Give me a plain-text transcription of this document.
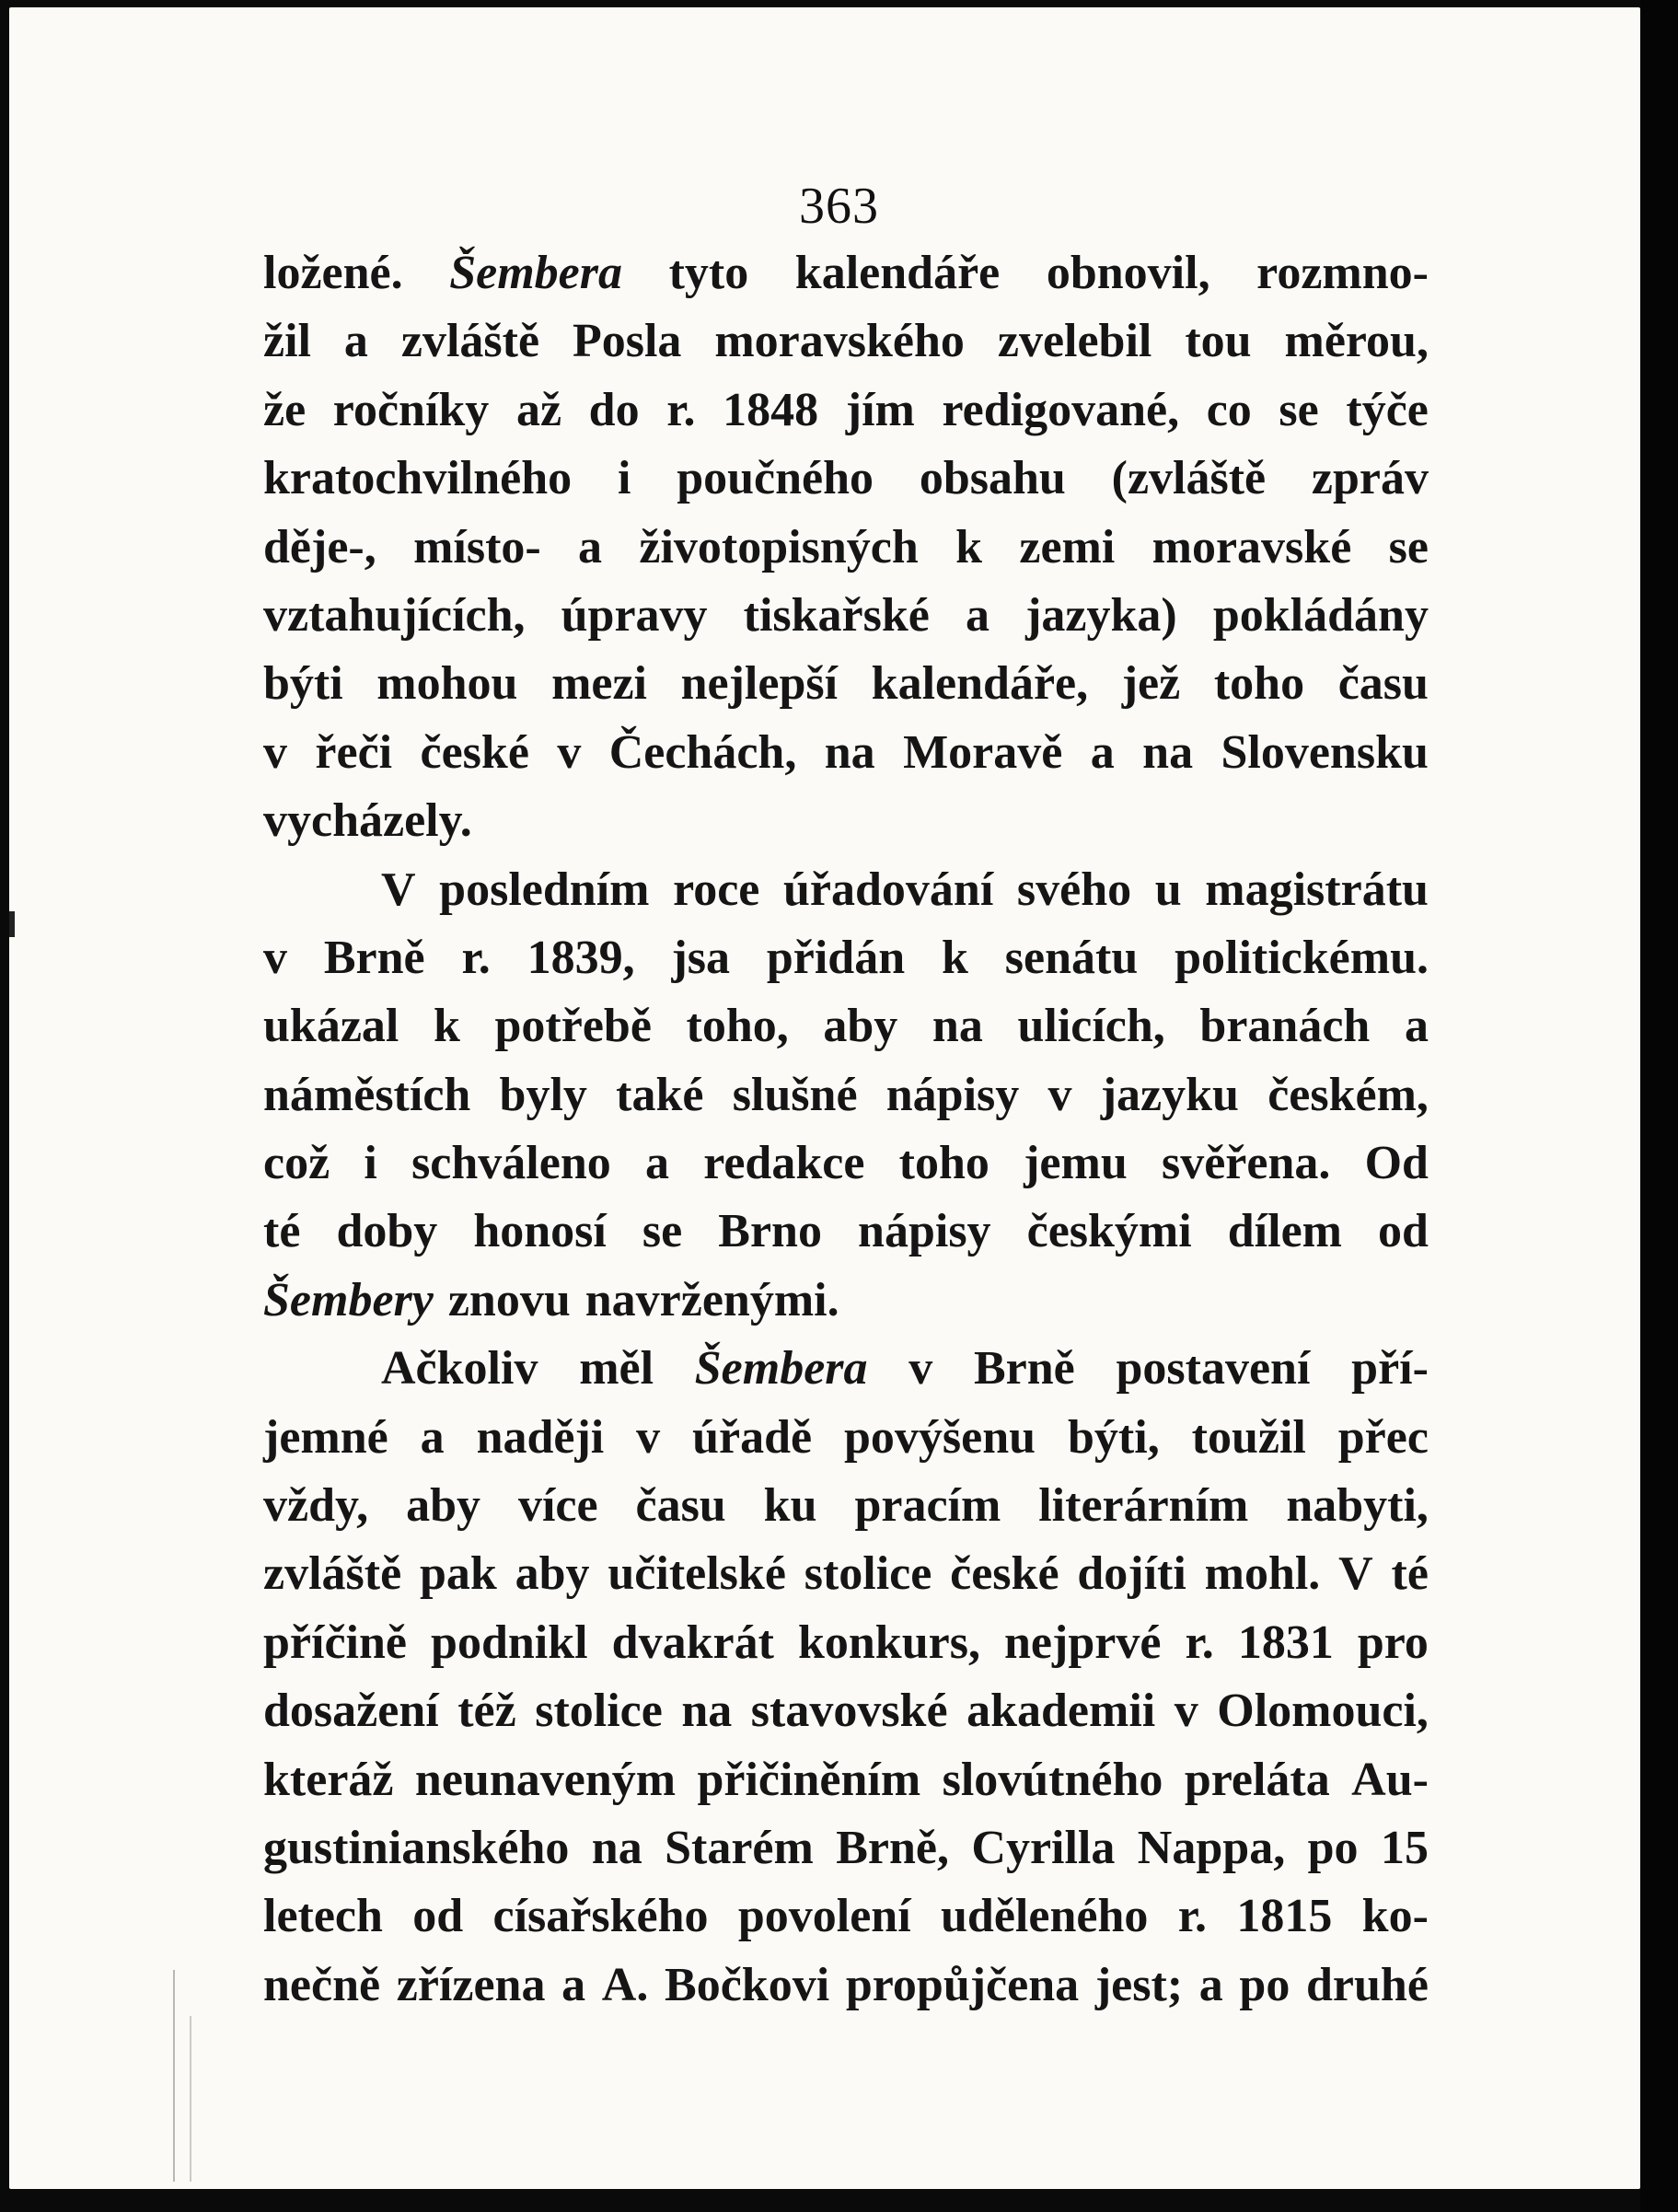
363
ložené. Šembera tyto kalendáře obnovil, rozmno-
žil a zvláště Posla moravského zvelebil tou měrou,
že ročníky až do r. 1848 jím redigované, co se týče
kratochvilného i poučného obsahu (zvláště zpráv
děje-, místo- a životopisných k zemi moravské se
vztahujících, úpravy tiskařské a jazyka) pokládány
býti mohou mezi nejlepší kalendáře, jež toho času
v řeči české v Čechách, na Moravě a na Slovensku
vycházely.
V posledním roce úřadování svého u magistrátu
v Brně r. 1839, jsa přidán k senátu politickému.
ukázal k potřebě toho, aby na ulicích, branách a
náměstích byly také slušné nápisy v jazyku českém,
což i schváleno a redakce toho jemu svěřena. Od
té doby honosí se Brno nápisy českými dílem od
Šembery znovu navrženými.
Ačkoliv měl Šembera v Brně postavení pří-
jemné a naději v úřadě povýšenu býti, toužil přec
vždy, aby více času ku pracím literárním nabyti,
zvláště pak aby učitelské stolice české dojíti mohl. V té
příčině podnikl dvakrát konkurs, nejprvé r. 1831 pro
dosažení též stolice na stavovské akademii v Olomouci,
kteráž neunaveným přičiněním slovútného preláta Au-
gustinianského na Starém Brně, Cyrilla Nappa, po 15
letech od císařského povolení uděleného r. 1815 ko-
nečně zřízena a A. Bočkovi propůjčena jest; a po druhé
